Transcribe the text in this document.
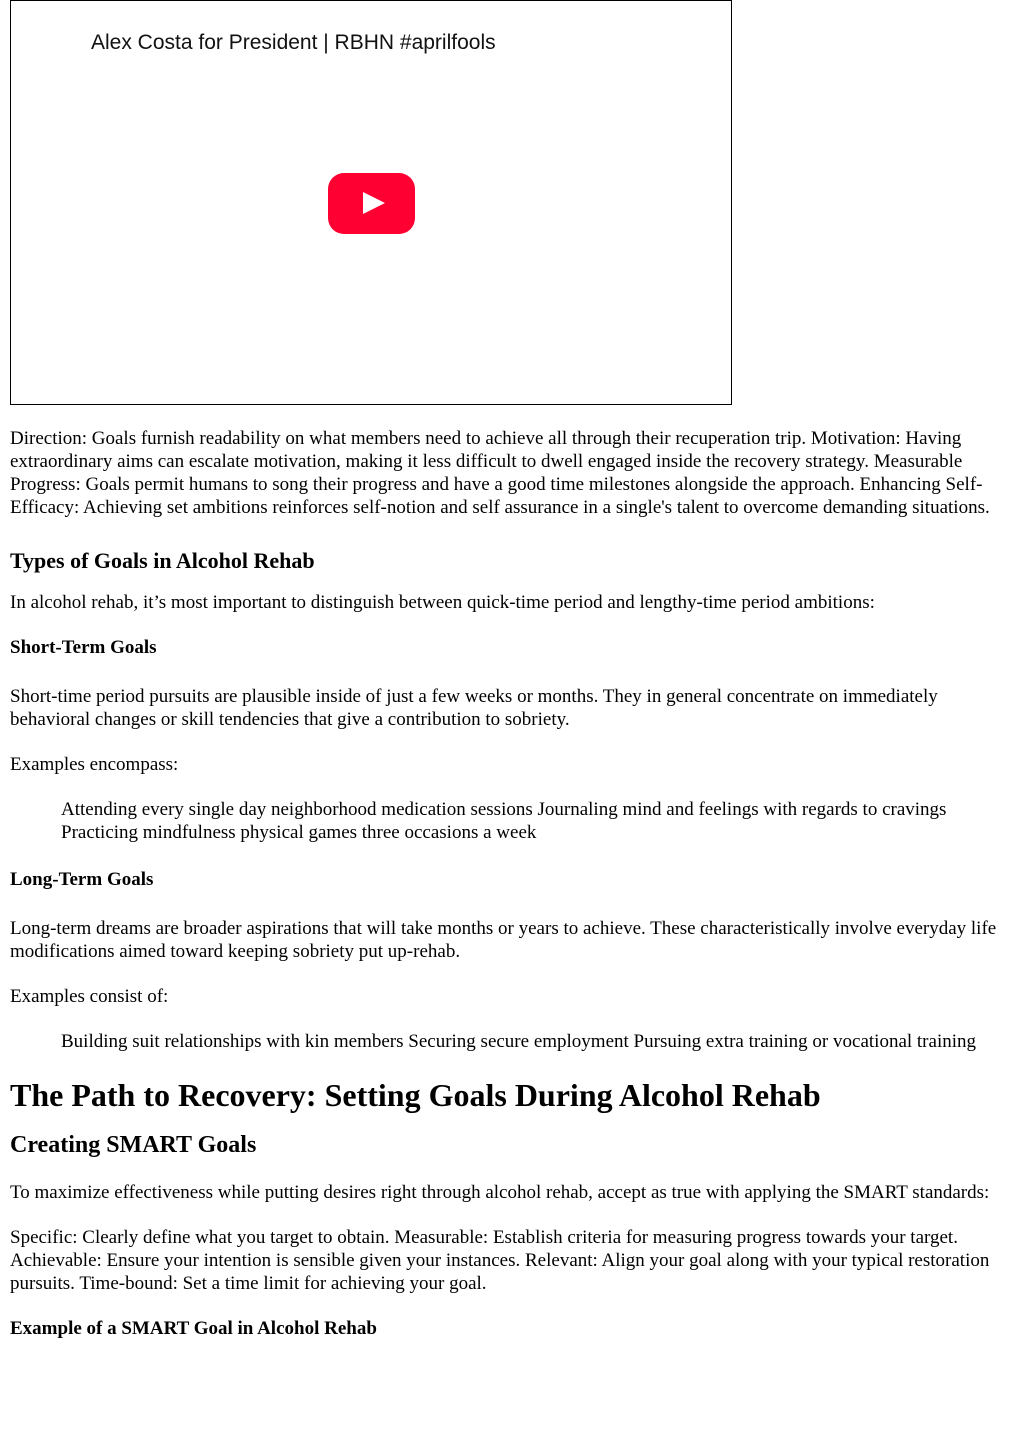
Alex Costa for President | RBHN #aprilfools

Direction: Goals furnish readability on what members need to achieve all through their recuperation trip. Motivation: Having extraordinary aims can escalate motivation, making it less difficult to dwell engaged inside the recovery strategy. Measurable Progress: Goals permit humans to song their progress and have a good time milestones alongside the approach. Enhancing Self-Efficacy: Achieving set ambitions reinforces self-notion and self assurance in a single's talent to overcome demanding situations.

Types of Goals in Alcohol Rehab

In alcohol rehab, it’s most important to distinguish between quick-time period and lengthy-time period ambitions:

Short-Term Goals

Short-time period pursuits are plausible inside of just a few weeks or months. They in general concentrate on immediately behavioral changes or skill tendencies that give a contribution to sobriety.

Examples encompass:

Attending every single day neighborhood medication sessions Journaling mind and feelings with regards to cravings Practicing mindfulness physical games three occasions a week
Long-Term Goals

Long-term dreams are broader aspirations that will take months or years to achieve. These characteristically involve everyday life modifications aimed toward keeping sobriety put up-rehab.

Examples consist of:

Building suit relationships with kin members Securing secure employment Pursuing extra training or vocational training
The Path to Recovery: Setting Goals During Alcohol Rehab
Creating SMART Goals

To maximize effectiveness while putting desires right through alcohol rehab, accept as true with applying the SMART standards:

Specific: Clearly define what you target to obtain. Measurable: Establish criteria for measuring progress towards your target. Achievable: Ensure your intention is sensible given your instances. Relevant: Align your goal along with your typical restoration pursuits. Time-bound: Set a time limit for achieving your goal.

Example of a SMART Goal in Alcohol Rehab
